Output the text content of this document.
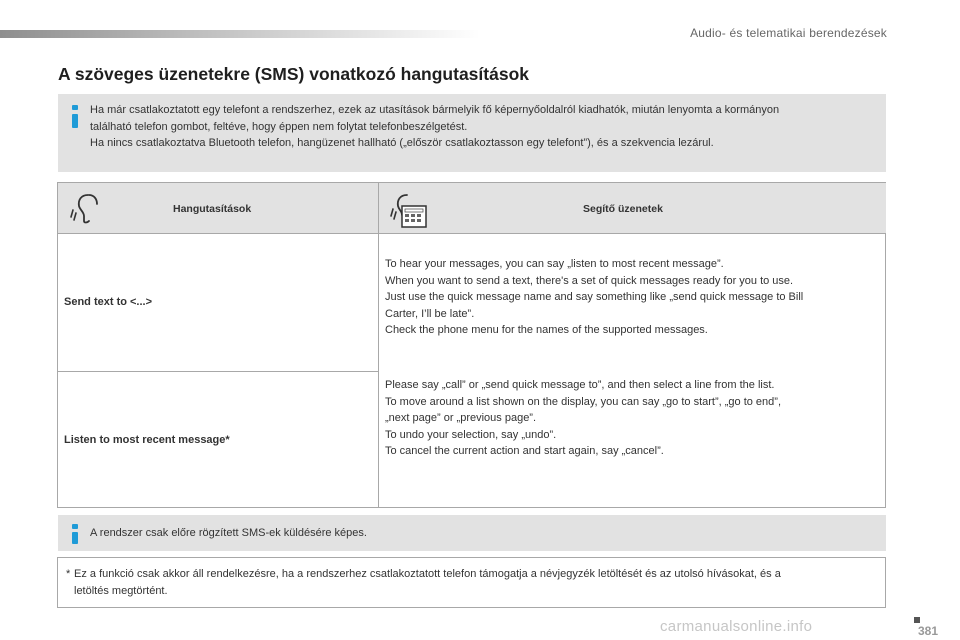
Audio- és telematikai berendezések
A szöveges üzenetekre (SMS) vonatkozó hangutasítások
Ha már csatlakoztatott egy telefont a rendszerhez, ezek az utasítások bármelyik fő képernyőoldalról kiadhatók, miután lenyomta a kormányon
található telefon gombot, feltéve, hogy éppen nem folytat telefonbeszélgetést.
Ha nincs csatlakoztatva Bluetooth telefon, hangüzenet hallható („először csatlakoztasson egy telefont”), és a szekvencia lezárul.
Hangutasítások	Segítő üzenetek
Send text to <...>
Listen to most recent message*
To hear your messages, you can say „listen to most recent message”.
When you want to send a text, there's a set of quick messages ready for you to use.
Just use the quick message name and say something like „send quick message to Bill
Carter, I’ll be late”.
Check the phone menu for the names of the supported messages.
Please say „call” or „send quick message to”, and then select a line from the list.
To move around a list shown on the display, you can say „go to start”, „go to end”,
„next page” or „previous page”.
To undo your selection, say „undo”.
To cancel the current action and start again, say „cancel”.
A rendszer csak előre rögzített SMS-ek küldésére képes.
* Ez a funkció csak akkor áll rendelkezésre, ha a rendszerhez csatlakoztatott telefon támogatja a névjegyzék letöltését és az utolsó hívásokat, és a
letöltés megtörtént.
carmanualsonline.info	381
